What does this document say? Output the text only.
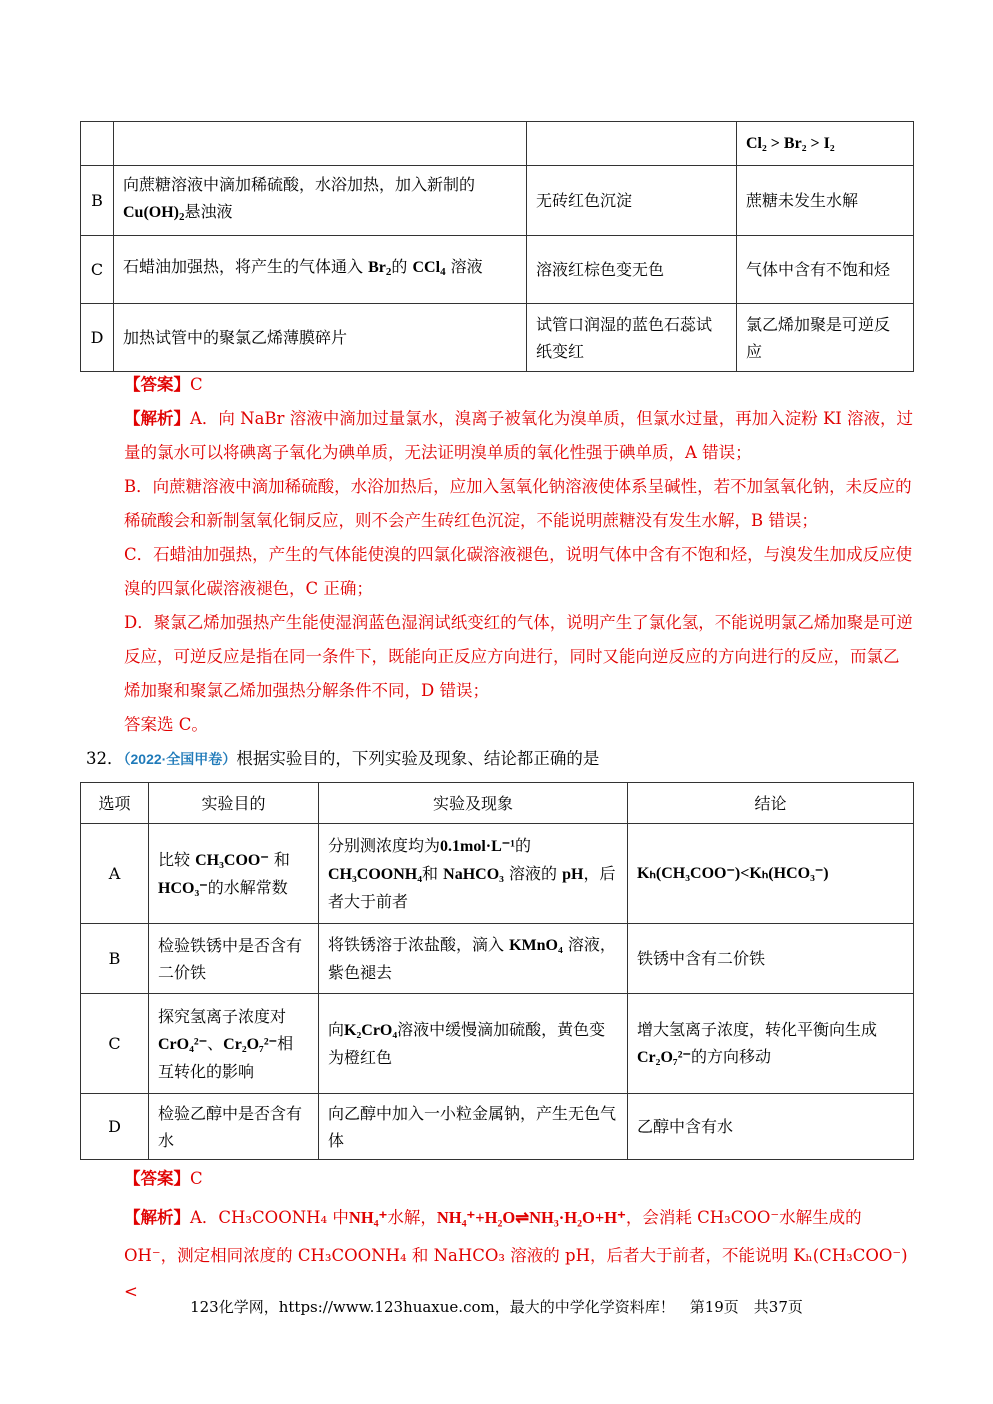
			Cl₂ > Br₂ > I₂
B	向蔗糖溶液中滴加稀硫酸，水浴加热，加入新制的
$Cu(OH)_2$悬浊液	无砖红色沉淀	蔗糖未发生水解
C	石蜡油加强热，将产生的气体通入 $Br_2$的 CCl$_4$ 溶液	溶液红棕色变无色	气体中含有不饱和烃
D	加热试管中的聚氯乙烯薄膜碎片	试管口润湿的蓝色石蕊试纸变红	氯乙烯加聚是可逆反应
【答案】C
【解析】A．向 NaBr 溶液中滴加过量氯水，溴离子被氧化为溴单质，但氯水过量，再加入淀粉 KI 溶液，过量的氯水可以将碘离子氧化为碘单质，无法证明溴单质的氧化性强于碘单质，A 错误；
B．向蔗糖溶液中滴加稀硫酸，水浴加热后，应加入氢氧化钠溶液使体系呈碱性，若不加氢氧化钠，未反应的稀硫酸会和新制氢氧化铜反应，则不会产生砖红色沉淀，不能说明蔗糖没有发生水解，B 错误；
C．石蜡油加强热，产生的气体能使溴的四氯化碳溶液褪色，说明气体中含有不饱和烃，与溴发生加成反应使溴的四氯化碳溶液褪色，C 正确；
D．聚氯乙烯加强热产生能使湿润蓝色湿润试纸变红的气体，说明产生了氯化氢，不能说明氯乙烯加聚是可逆反应，可逆反应是指在同一条件下，既能向正反应方向进行，同时又能向逆反应的方向进行的反应，而氯乙烯加聚和聚氯乙烯加强热分解条件不同，D 错误；
答案选 C。
32．（2022·全国甲卷）根据实验目的，下列实验及现象、结论都正确的是
选项	实验目的	实验及现象	结论
A	比较 CH₃COO⁻ 和
HCO₃⁻的水解常数	分别测浓度均为0.1mol·L⁻¹的
CH₃COONH₄和 NaHCO₃ 溶液的 pH，后者大于前者	Kₕ(CH₃COO⁻)<Kₕ(HCO₃⁻)
B	检验铁锈中是否含有二价铁	将铁锈溶于浓盐酸，滴入 KMnO₄ 溶液，紫色褪去	铁锈中含有二价铁
C	探究氢离子浓度对
CrO₄²⁻、Cr₂O₇²⁻相互转化的影响	向K₂CrO₄溶液中缓慢滴加硫酸，黄色变为橙红色	增大氢离子浓度，转化平衡向生成
Cr₂O₇²⁻的方向移动
D	检验乙醇中是否含有水	向乙醇中加入一小粒金属钠，产生无色气体	乙醇中含有水
【答案】C
【解析】A．CH₃COONH₄ 中NH₄⁺水解，NH₄⁺+H₂O⇌NH₃·H₂O+H⁺，会消耗 CH₃COO⁻水解生成的
OH⁻，测定相同浓度的 CH₃COONH₄ 和 NaHCO₃ 溶液的 pH，后者大于前者，不能说明 Kₕ(CH₃COO⁻)<
123化学网，https://www.123huaxue.com，最大的中学化学资料库！　第19页　共37页
